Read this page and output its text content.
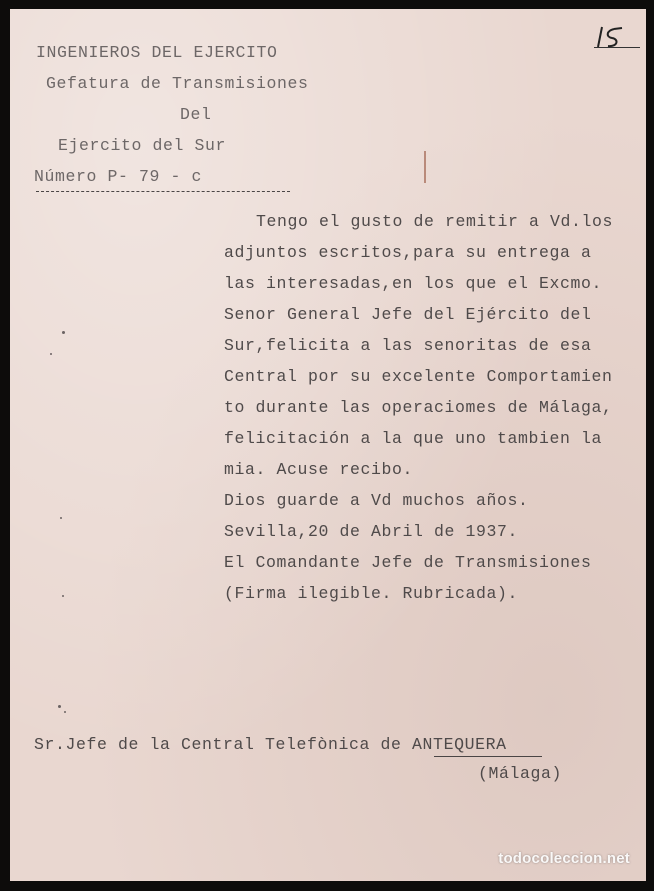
INGENIEROS DEL EJERCITO
Gefatura de Transmisiones
Del
Ejercito del Sur
Número P- 79 - c
Tengo el gusto de remitir a Vd.los
adjuntos escritos,para su entrega a
las interesadas,en los que el Excmo.
Senor General Jefe del Ejército del
Sur,felicita a las senoritas de esa
Central por su excelente Comportamien
to durante las operaciomes de Málaga,
felicitación a la que uno tambien la
mia. Acuse recibo.
Dios guarde a Vd muchos años.
Sevilla,20 de Abril de 1937.
El Comandante Jefe de Transmisiones
(Firma ilegible. Rubricada).
Sr.Jefe de la Central Telefònica de ANTEQUERA
(Málaga)
todocoleccion.net
